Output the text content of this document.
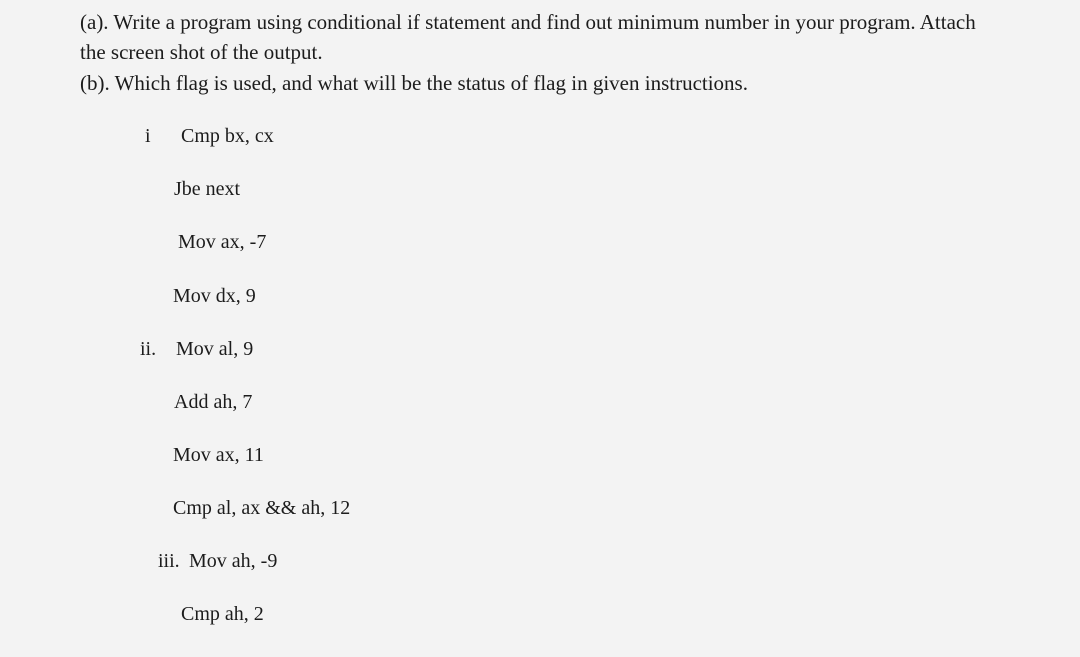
(a). Write a program using conditional if statement and find out minimum number in your program. Attach the screen shot of the output.
(b). Which flag is used, and what will be the status of flag in given instructions.
i Cmp bx, cx
Jbe next
Mov ax, -7
Mov dx, 9
ii. Mov al, 9
Add ah, 7
Mov ax, 11
Cmp al, ax && ah, 12
iii. Mov ah, -9
Cmp ah, 2
